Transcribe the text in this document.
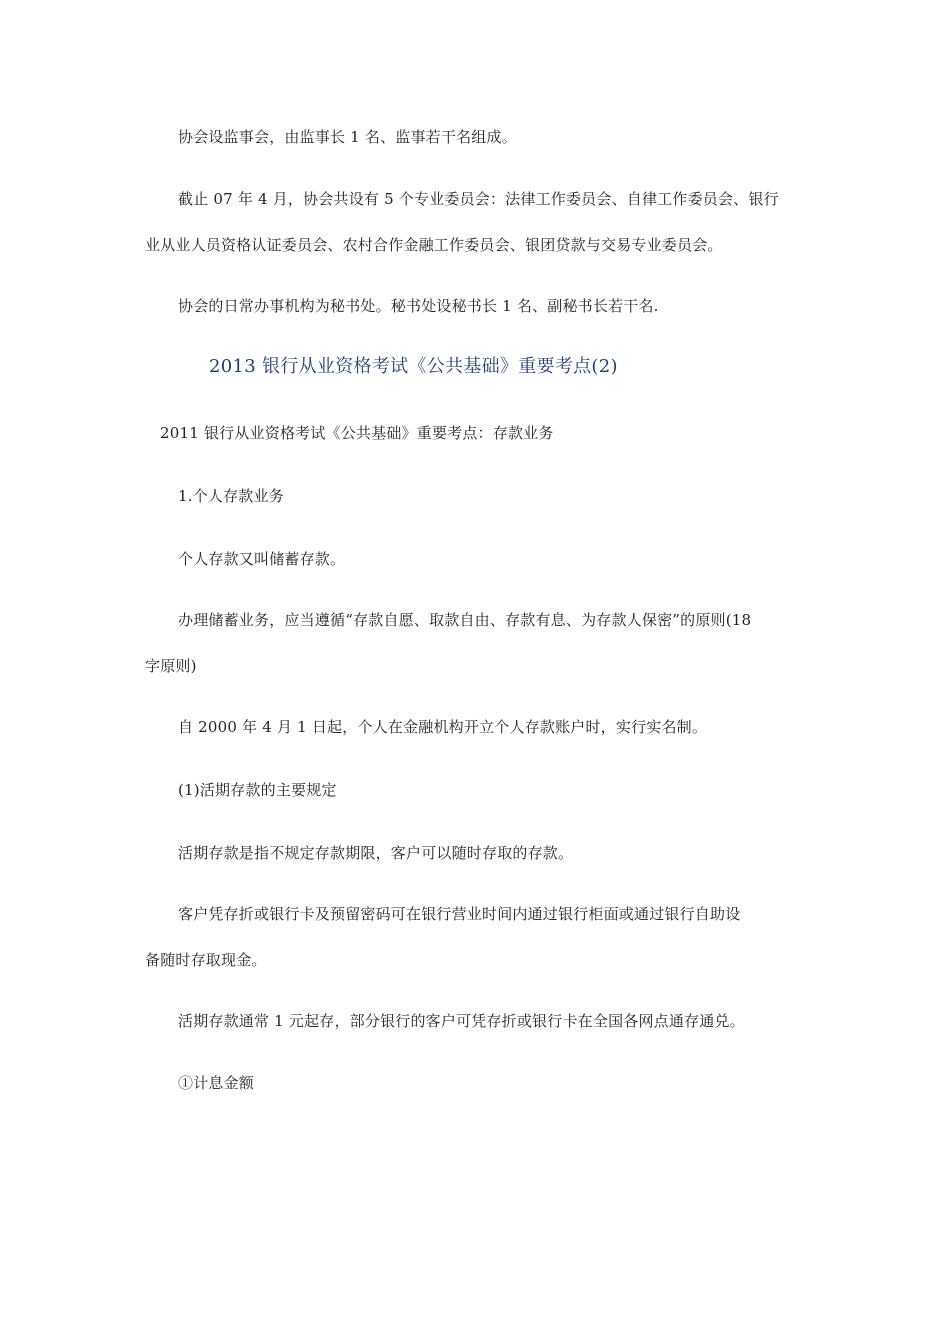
协会设监事会，由监事长 1 名、监事若干名组成。
截止 07 年 4 月，协会共设有 5 个专业委员会：法律工作委员会、自律工作委员会、银行
业从业人员资格认证委员会、农村合作金融工作委员会、银团贷款与交易专业委员会。
协会的日常办事机构为秘书处。秘书处设秘书长 1 名、副秘书长若干名.
2013 银行从业资格考试《公共基础》重要考点(2)
2011 银行从业资格考试《公共基础》重要考点：存款业务
1.个人存款业务
个人存款又叫储蓄存款。
办理储蓄业务，应当遵循“存款自愿、取款自由、存款有息、为存款人保密”的原则(18
字原则)
自 2000 年 4 月 1 日起，个人在金融机构开立个人存款账户时，实行实名制。
(1)活期存款的主要规定
活期存款是指不规定存款期限，客户可以随时存取的存款。
客户凭存折或银行卡及预留密码可在银行营业时间内通过银行柜面或通过银行自助设
备随时存取现金。
活期存款通常 1 元起存，部分银行的客户可凭存折或银行卡在全国各网点通存通兑。
①计息金额
